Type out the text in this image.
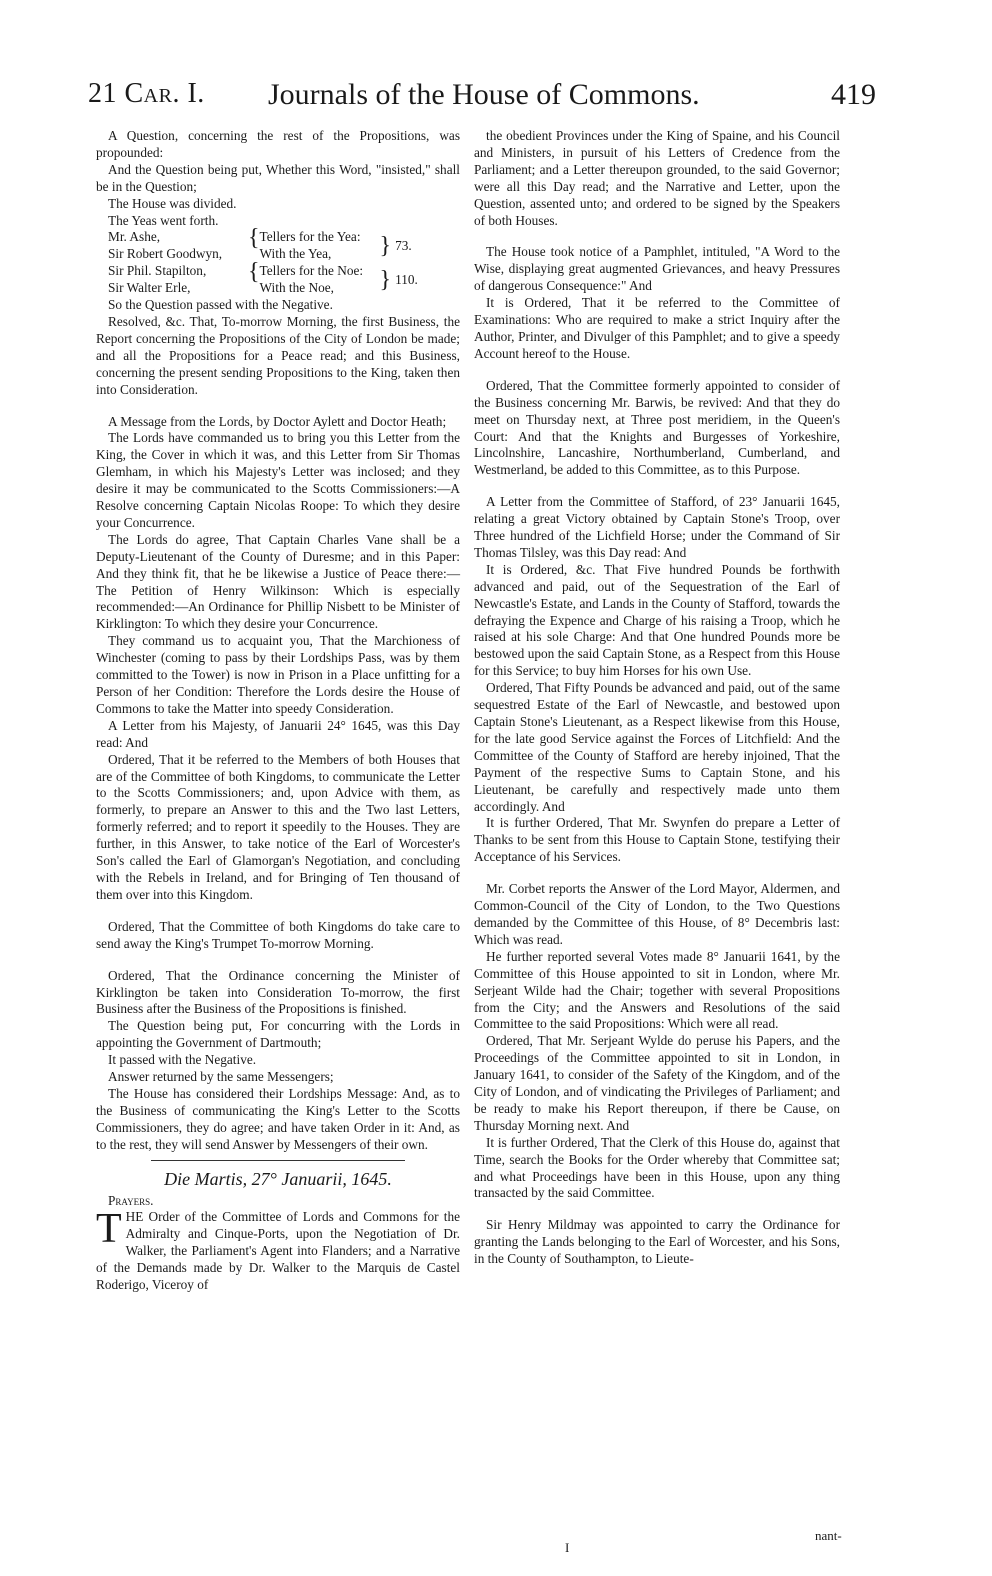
21 Car. I. Journals of the House of Commons.	419

A Question, concerning the rest of the Propositions, was propounded:

And the Question being put, Whether this Word, "insisted," shall be in the Question;

The House was divided.

The Yeas went forth.

Mr. Ashe,	{	Tellers for the Yea:	}	73.
Sir Robert Goodwyn,		With the Yea,		
Sir Phil. Stapilton,	{	Tellers for the Noe:	}	110.
Sir Walter Erle,		With the Noe,		

So the Question passed with the Negative.

Resolved, &c. That, To-morrow Morning, the first Business, the Report concerning the Propositions of the City of London be made; and all the Propositions for a Peace read; and this Business, concerning the present sending Propositions to the King, taken then into Consideration.

A Message from the Lords, by Doctor Aylett and Doctor Heath;

The Lords have commanded us to bring you this Letter from the King, the Cover in which it was, and this Letter from Sir Thomas Glemham, in which his Majesty's Letter was inclosed; and they desire it may be communicated to the Scotts Commissioners:—A Resolve concerning Captain Nicolas Roope: To which they desire your Concurrence.

The Lords do agree, That Captain Charles Vane shall be a Deputy-Lieutenant of the County of Duresme; and in this Paper: And they think fit, that he be likewise a Justice of Peace there:—The Petition of Henry Wilkinson: Which is especially recommended:—An Ordinance for Phillip Nisbett to be Minister of Kirklington: To which they desire your Concurrence.

They command us to acquaint you, That the Marchioness of Winchester (coming to pass by their Lordships Pass, was by them committed to the Tower) is now in Prison in a Place unfitting for a Person of her Condition: Therefore the Lords desire the House of Commons to take the Matter into speedy Consideration.

A Letter from his Majesty, of Januarii 24° 1645, was this Day read: And

Ordered, That it be referred to the Members of both Houses that are of the Committee of both Kingdoms, to communicate the Letter to the Scotts Commissioners; and, upon Advice with them, as formerly, to prepare an Answer to this and the Two last Letters, formerly referred; and to report it speedily to the Houses. They are further, in this Answer, to take notice of the Earl of Worcester's Son's called the Earl of Glamorgan's Negotiation, and concluding with the Rebels in Ireland, and for Bringing of Ten thousand of them over into this Kingdom.

Ordered, That the Committee of both Kingdoms do take care to send away the King's Trumpet To-morrow Morning.

Ordered, That the Ordinance concerning the Minister of Kirklington be taken into Consideration To-morrow, the first Business after the Business of the Propositions is finished.

The Question being put, For concurring with the Lords in appointing the Government of Dartmouth;

It passed with the Negative.

Answer returned by the same Messengers;

The House has considered their Lordships Message: And, as to the Business of communicating the King's Letter to the Scotts Commissioners, they do agree; and have taken Order in it: And, as to the rest, they will send Answer by Messengers of their own.

Die Martis, 27° Januarii, 1645.

Prayers.

THE Order of the Committee of Lords and Commons for the Admiralty and Cinque-Ports, upon the Negotiation of Dr. Walker, the Parliament's Agent into Flanders; and a Narrative of the Demands made by Dr. Walker to the Marquis de Castel Roderigo, Viceroy of

the obedient Provinces under the King of Spaine, and his Council and Ministers, in pursuit of his Letters of Credence from the Parliament; and a Letter thereupon grounded, to the said Governor; were all this Day read; and the Narrative and Letter, upon the Question, assented unto; and ordered to be signed by the Speakers of both Houses.

The House took notice of a Pamphlet, intituled, "A Word to the Wise, displaying great augmented Grievances, and heavy Pressures of dangerous Consequence:" And

It is Ordered, That it be referred to the Committee of Examinations: Who are required to make a strict Inquiry after the Author, Printer, and Divulger of this Pamphlet; and to give a speedy Account hereof to the House.

Ordered, That the Committee formerly appointed to consider of the Business concerning Mr. Barwis, be revived: And that they do meet on Thursday next, at Three post meridiem, in the Queen's Court: And that the Knights and Burgesses of Yorkeshire, Lincolnshire, Lancashire, Northumberland, Cumberland, and Westmerland, be added to this Committee, as to this Purpose.

A Letter from the Committee of Stafford, of 23° Januarii 1645, relating a great Victory obtained by Captain Stone's Troop, over Three hundred of the Lichfield Horse; under the Command of Sir Thomas Tilsley, was this Day read: And

It is Ordered, &c. That Five hundred Pounds be forthwith advanced and paid, out of the Sequestration of the Earl of Newcastle's Estate, and Lands in the County of Stafford, towards the defraying the Expence and Charge of his raising a Troop, which he raised at his sole Charge: And that One hundred Pounds more be bestowed upon the said Captain Stone, as a Respect from this House for this Service; to buy him Horses for his own Use.

Ordered, That Fifty Pounds be advanced and paid, out of the same sequestred Estate of the Earl of Newcastle, and bestowed upon Captain Stone's Lieutenant, as a Respect likewise from this House, for the late good Service against the Forces of Litchfield: And the Committee of the County of Stafford are hereby injoined, That the Payment of the respective Sums to Captain Stone, and his Lieutenant, be carefully and respectively made unto them accordingly. And

It is further Ordered, That Mr. Swynfen do prepare a Letter of Thanks to be sent from this House to Captain Stone, testifying their Acceptance of his Services.

Mr. Corbet reports the Answer of the Lord Mayor, Aldermen, and Common-Council of the City of London, to the Two Questions demanded by the Committee of this House, of 8° Decembris last: Which was read.

He further reported several Votes made 8° Januarii 1641, by the Committee of this House appointed to sit in London, where Mr. Serjeant Wilde had the Chair; together with several Propositions from the City; and the Answers and Resolutions of the said Committee to the said Propositions: Which were all read.

Ordered, That Mr. Serjeant Wylde do peruse his Papers, and the Proceedings of the Committee appointed to sit in London, in January 1641, to consider of the Safety of the Kingdom, and of the City of London, and of vindicating the Privileges of Parliament; and be ready to make his Report thereupon, if there be Cause, on Thursday Morning next. And

It is further Ordered, That the Clerk of this House do, against that Time, search the Books for the Order whereby that Committee sat; and what Proceedings have been in this House, upon any thing transacted by the said Committee.

Sir Henry Mildmay was appointed to carry the Ordinance for granting the Lands belonging to the Earl of Worcester, and his Sons, in the County of Southampton, to Lieute-

I
nant-
